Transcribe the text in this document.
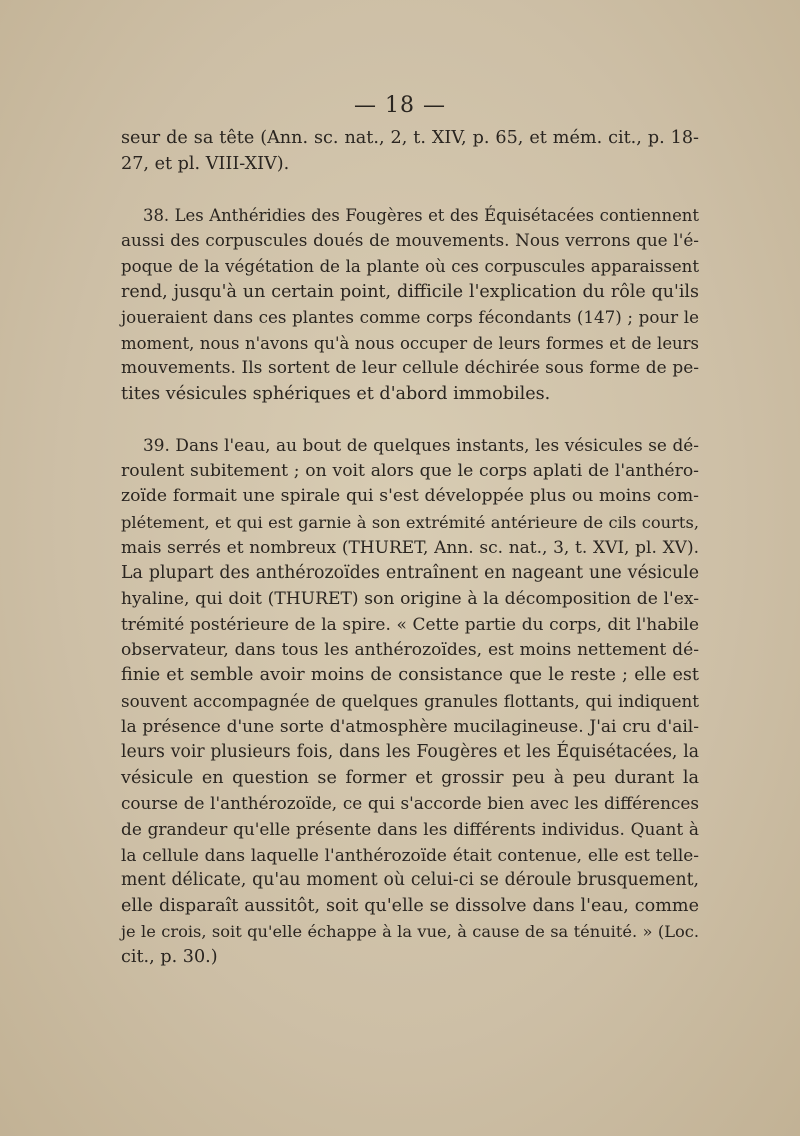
— 18 —

seur de sa tête (Ann. sc. nat., 2, t. XIV, p. 65, et mém. cit., p. 18-
27, et pl. VIII-XIV).

38. Les Anthéridies des Fougères et des Équisétacées contiennent
aussi des corpuscules doués de mouvements. Nous verrons que l'é-
poque de la végétation de la plante où ces corpuscules apparaissent
rend, jusqu'à un certain point, difficile l'explication du rôle qu'ils
joueraient dans ces plantes comme corps fécondants (147) ; pour le
moment, nous n'avons qu'à nous occuper de leurs formes et de leurs
mouvements. Ils sortent de leur cellule déchirée sous forme de pe-
tites vésicules sphériques et d'abord immobiles.

39. Dans l'eau, au bout de quelques instants, les vésicules se dé-
roulent subitement ; on voit alors que le corps aplati de l'anthéro-
zoïde formait une spirale qui s'est développée plus ou moins com-
plétement, et qui est garnie à son extrémité antérieure de cils courts,
mais serrés et nombreux (THURET, Ann. sc. nat., 3, t. XVI, pl. XV).
La plupart des anthérozoïdes entraînent en nageant une vésicule
hyaline, qui doit (THURET) son origine à la décomposition de l'ex-
trémité postérieure de la spire. « Cette partie du corps, dit l'habile
observateur, dans tous les anthérozoïdes, est moins nettement dé-
finie et semble avoir moins de consistance que le reste ; elle est
souvent accompagnée de quelques granules flottants, qui indiquent
la présence d'une sorte d'atmosphère mucilagineuse. J'ai cru d'ail-
leurs voir plusieurs fois, dans les Fougères et les Équisétacées, la
vésicule en question se former et grossir peu à peu durant la
course de l'anthérozoïde, ce qui s'accorde bien avec les différences
de grandeur qu'elle présente dans les différents individus. Quant à
la cellule dans laquelle l'anthérozoïde était contenue, elle est telle-
ment délicate, qu'au moment où celui-ci se déroule brusquement,
elle disparaît aussitôt, soit qu'elle se dissolve dans l'eau, comme
je le crois, soit qu'elle échappe à la vue, à cause de sa ténuité. » (Loc.
cit., p. 30.)
